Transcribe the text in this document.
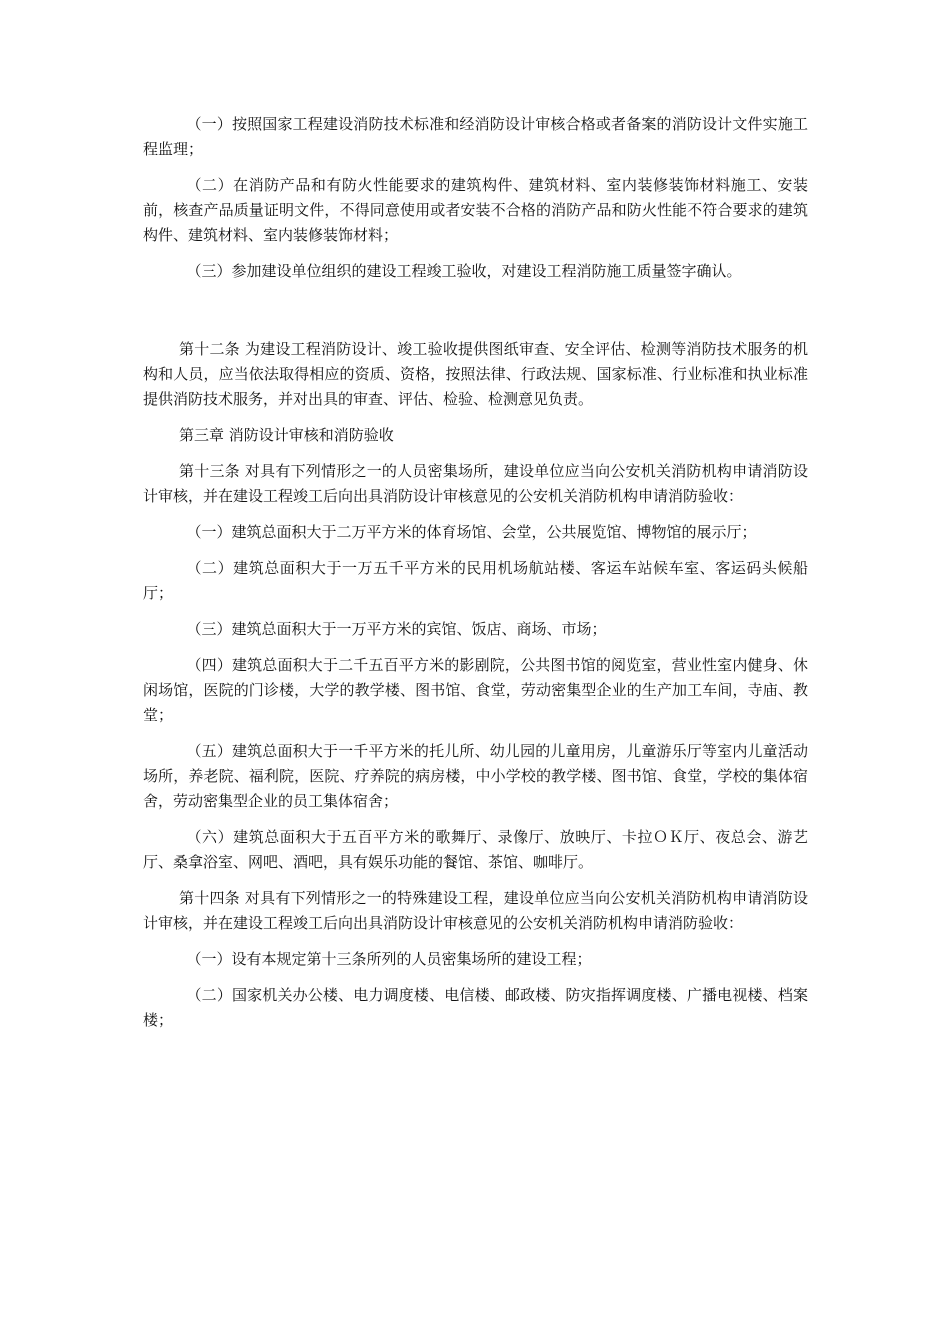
（一）按照国家工程建设消防技术标准和经消防设计审核合格或者备案的消防设计文件实施工程监理；

（二）在消防产品和有防火性能要求的建筑构件、建筑材料、室内装修装饰材料施工、安装前，核查产品质量证明文件，不得同意使用或者安装不合格的消防产品和防火性能不符合要求的建筑构件、建筑材料、室内装修装饰材料；

（三）参加建设单位组织的建设工程竣工验收，对建设工程消防施工质量签字确认。

第十二条 为建设工程消防设计、竣工验收提供图纸审查、安全评估、检测等消防技术服务的机构和人员，应当依法取得相应的资质、资格，按照法律、行政法规、国家标准、行业标准和执业标准提供消防技术服务，并对出具的审查、评估、检验、检测意见负责。

第三章 消防设计审核和消防验收

第十三条 对具有下列情形之一的人员密集场所，建设单位应当向公安机关消防机构申请消防设计审核，并在建设工程竣工后向出具消防设计审核意见的公安机关消防机构申请消防验收：

（一）建筑总面积大于二万平方米的体育场馆、会堂，公共展览馆、博物馆的展示厅；

（二）建筑总面积大于一万五千平方米的民用机场航站楼、客运车站候车室、客运码头候船厅；

（三）建筑总面积大于一万平方米的宾馆、饭店、商场、市场；

（四）建筑总面积大于二千五百平方米的影剧院，公共图书馆的阅览室，营业性室内健身、休闲场馆，医院的门诊楼，大学的教学楼、图书馆、食堂，劳动密集型企业的生产加工车间，寺庙、教堂；

（五）建筑总面积大于一千平方米的托儿所、幼儿园的儿童用房，儿童游乐厅等室内儿童活动场所，养老院、福利院，医院、疗养院的病房楼，中小学校的教学楼、图书馆、食堂，学校的集体宿舍，劳动密集型企业的员工集体宿舍；

（六）建筑总面积大于五百平方米的歌舞厅、录像厅、放映厅、卡拉ＯＫ厅、夜总会、游艺厅、桑拿浴室、网吧、酒吧，具有娱乐功能的餐馆、茶馆、咖啡厅。

第十四条 对具有下列情形之一的特殊建设工程，建设单位应当向公安机关消防机构申请消防设计审核，并在建设工程竣工后向出具消防设计审核意见的公安机关消防机构申请消防验收：

（一）设有本规定第十三条所列的人员密集场所的建设工程；

（二）国家机关办公楼、电力调度楼、电信楼、邮政楼、防灾指挥调度楼、广播电视楼、档案楼；
